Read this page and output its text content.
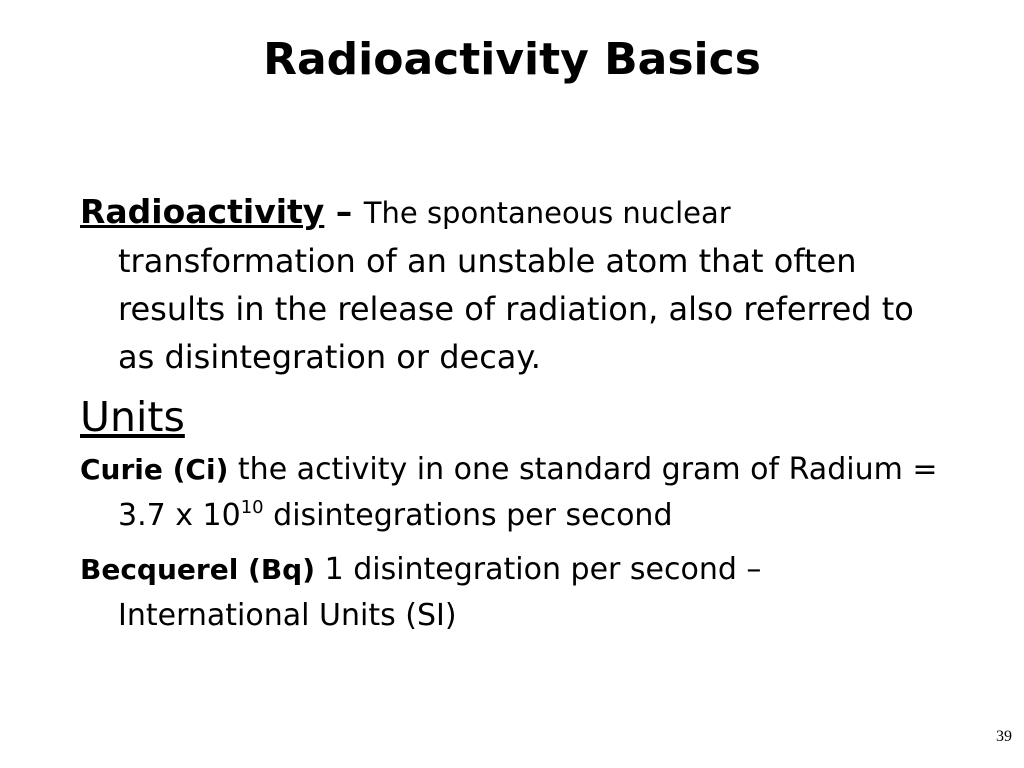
Radioactivity Basics

Radioactivity – The spontaneous nuclear transformation of an unstable atom that often results in the release of radiation, also referred to as disintegration or decay.

Units

Curie (Ci) the activity in one standard gram of Radium = 3.7 x $10^{10}$ disintegrations per second

Becquerel (Bq) 1 disintegration per second – International Units (SI)

39
